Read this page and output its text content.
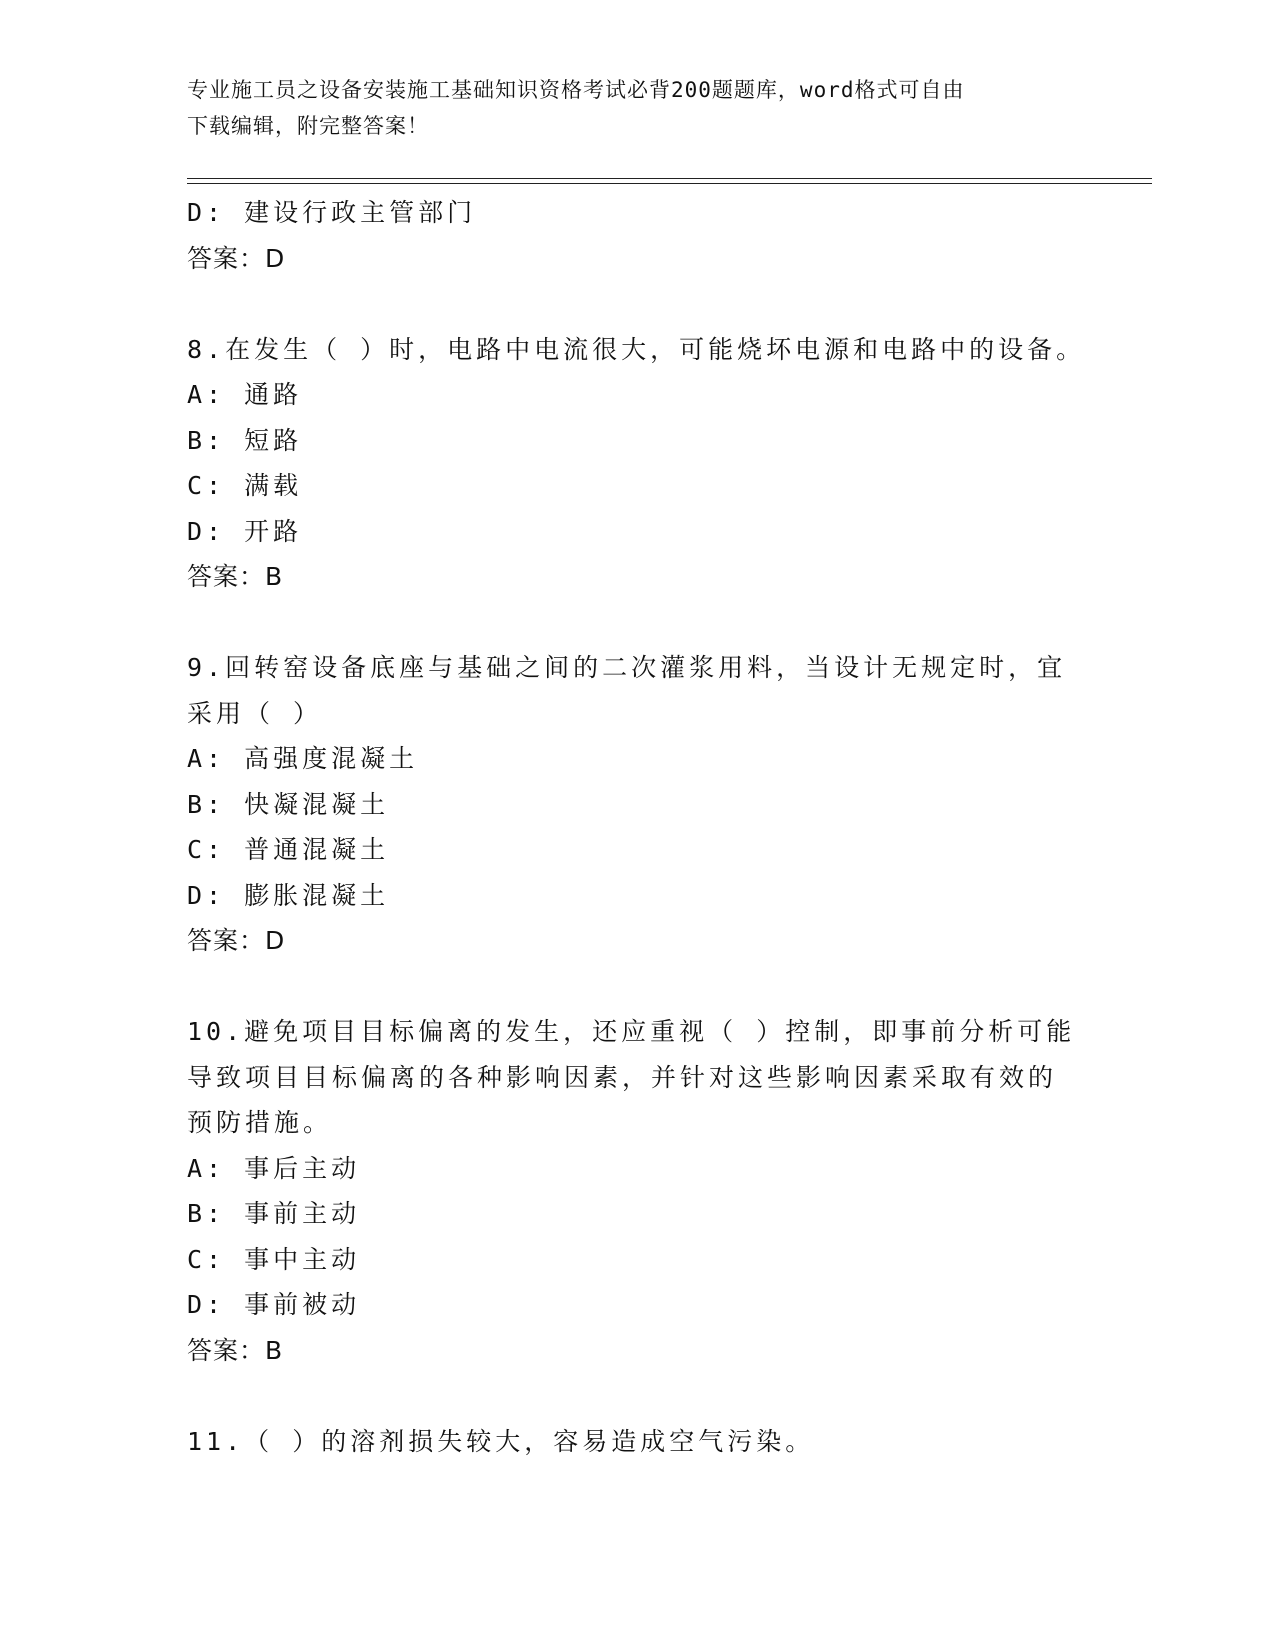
专业施工员之设备安装施工基础知识资格考试必背200题题库，word格式可自由
下载编辑，附完整答案！
D: 建设行政主管部门
答案：D
8.在发生（ ）时，电路中电流很大，可能烧坏电源和电路中的设备。
A: 通路
B: 短路
C: 满载
D: 开路
答案：B
9.回转窑设备底座与基础之间的二次灌浆用料，当设计无规定时，宜
采用（ ）
A: 高强度混凝土
B: 快凝混凝土
C: 普通混凝土
D: 膨胀混凝土
答案：D
10.避免项目目标偏离的发生，还应重视（ ）控制，即事前分析可能
导致项目目标偏离的各种影响因素，并针对这些影响因素采取有效的
预防措施。
A: 事后主动
B: 事前主动
C: 事中主动
D: 事前被动
答案：B
11.（ ）的溶剂损失较大，容易造成空气污染。
